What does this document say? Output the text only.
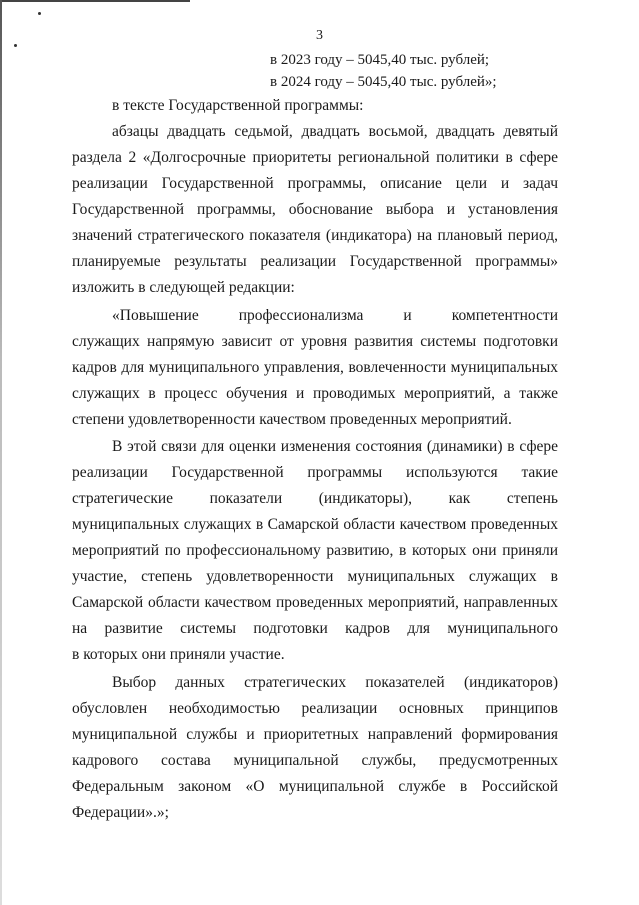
3
в 2023 году – 5045,40 тыс. рублей;
в 2024 году – 5045,40 тыс. рублей»;
в тексте Государственной программы:
абзацы двадцать седьмой, двадцать восьмой, двадцать девятый
раздела 2 «Долгосрочные приоритеты региональной политики в сфере
реализации Государственной программы, описание цели и задач
Государственной программы, обоснование выбора и установления
значений стратегического показателя (индикатора) на плановый период,
планируемые результаты реализации Государственной программы»
изложить в следующей редакции:
«Повышение профессионализма и компетентности
служащих напрямую зависит от уровня развития системы подготовки
кадров для муниципального управления, вовлеченности муниципальных
служащих в процесс обучения и проводимых мероприятий, а также
степени удовлетворенности качеством проведенных мероприятий.
В этой связи для оценки изменения состояния (динамики) в сфере
реализации Государственной программы используются такие
стратегические показатели (индикаторы), как степень
муниципальных служащих в Самарской области качеством проведенных
мероприятий по профессиональному развитию, в которых они приняли
участие, степень удовлетворенности муниципальных служащих в
Самарской области качеством проведенных мероприятий, направленных
на развитие системы подготовки кадров для муниципального
в которых они приняли участие.
Выбор данных стратегических показателей (индикаторов)
обусловлен необходимостью реализации основных принципов
муниципальной службы и приоритетных направлений формирования
кадрового состава муниципальной службы, предусмотренных
Федеральным законом «О муниципальной службе в Российской
Федерации».»;
